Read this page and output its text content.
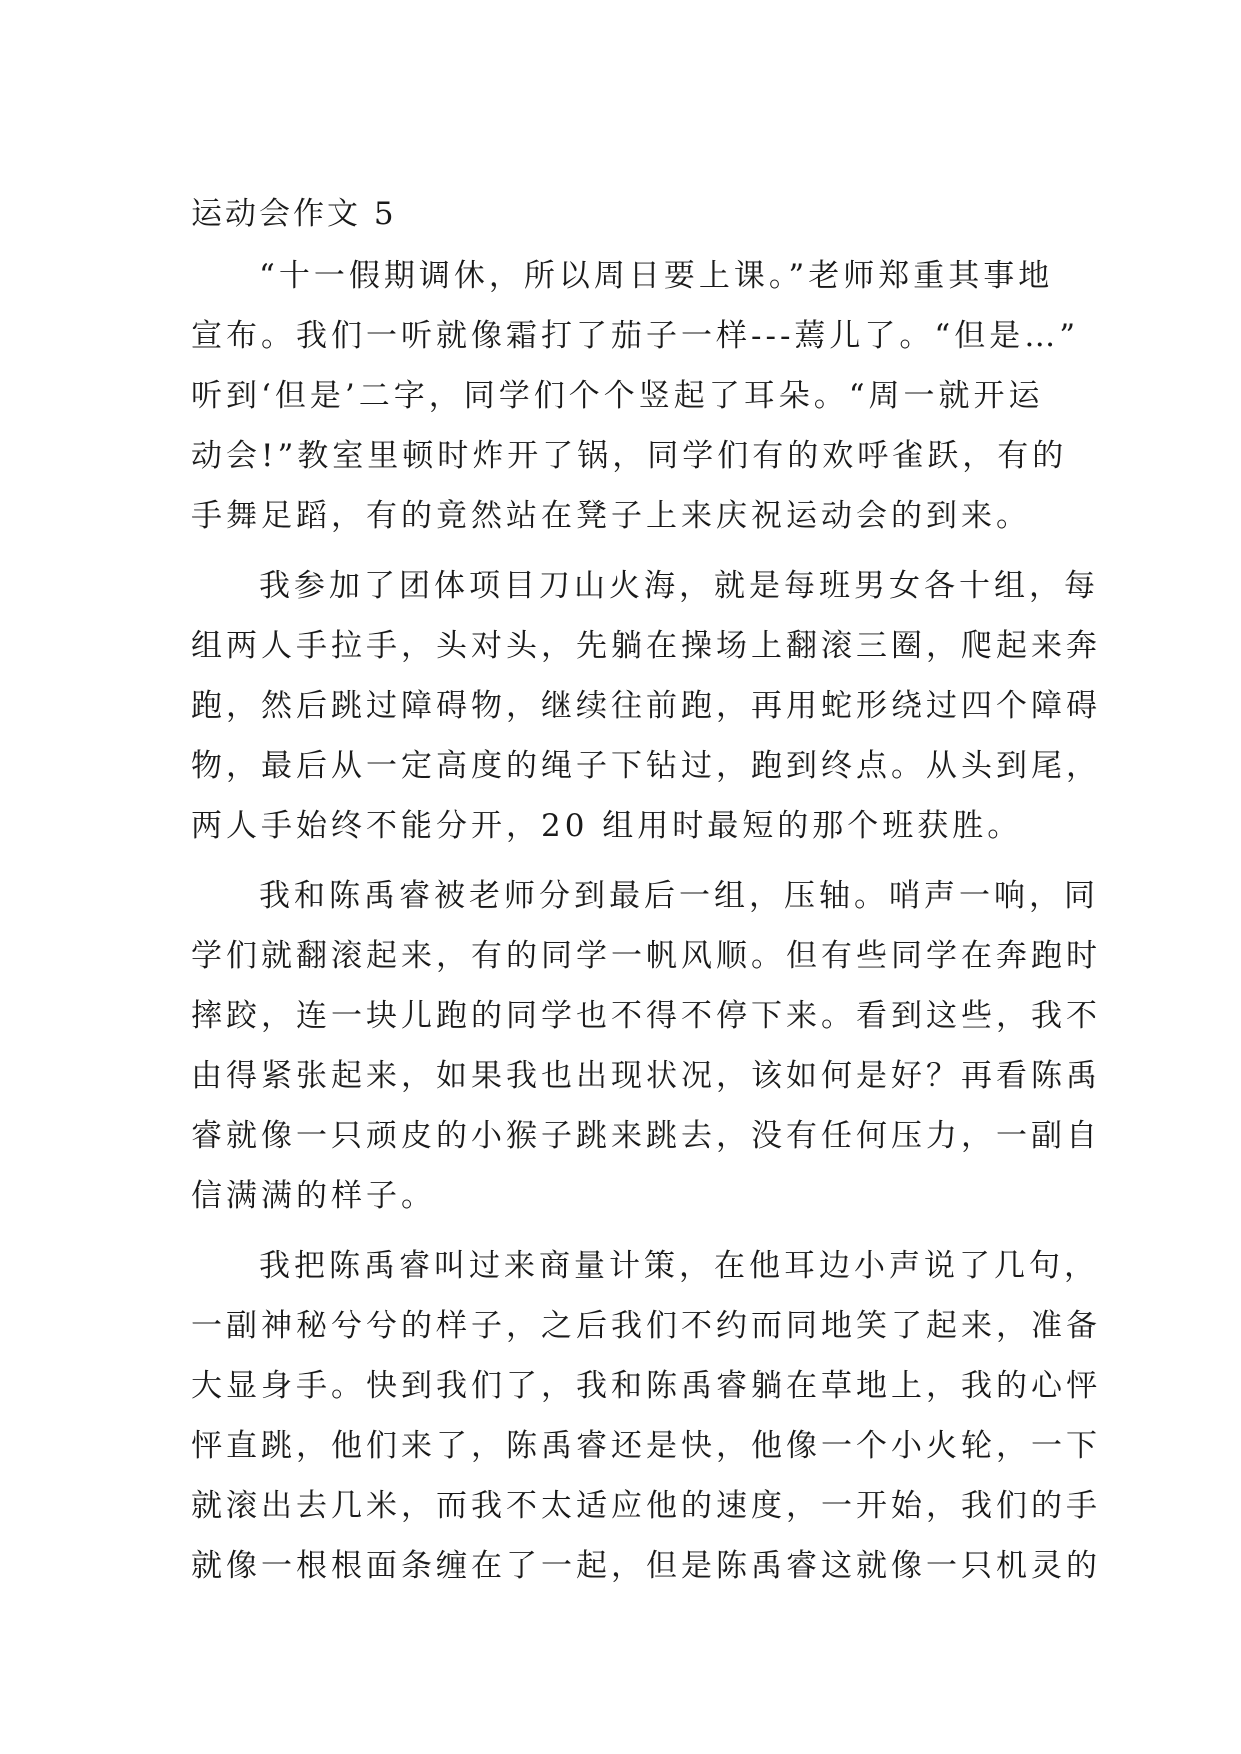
运动会作文 5
“十一假期调休，所以周日要上课。”老师郑重其事地
宣布。我们一听就像霜打了茄子一样---蔫儿了。“但是…”
听到‘但是’二字，同学们个个竖起了耳朵。“周一就开运
动会!”教室里顿时炸开了锅，同学们有的欢呼雀跃，有的
手舞足蹈，有的竟然站在凳子上来庆祝运动会的到来。
我参加了团体项目刀山火海，就是每班男女各十组，每
组两人手拉手，头对头，先躺在操场上翻滚三圈，爬起来奔
跑，然后跳过障碍物，继续往前跑，再用蛇形绕过四个障碍
物，最后从一定高度的绳子下钻过，跑到终点。从头到尾，
两人手始终不能分开，20 组用时最短的那个班获胜。
我和陈禹睿被老师分到最后一组，压轴。哨声一响，同
学们就翻滚起来，有的同学一帆风顺。但有些同学在奔跑时
摔跤，连一块儿跑的同学也不得不停下来。看到这些，我不
由得紧张起来，如果我也出现状况，该如何是好？再看陈禹
睿就像一只顽皮的小猴子跳来跳去，没有任何压力，一副自
信满满的样子。
我把陈禹睿叫过来商量计策，在他耳边小声说了几句，
一副神秘兮兮的样子，之后我们不约而同地笑了起来，准备
大显身手。快到我们了，我和陈禹睿躺在草地上，我的心怦
怦直跳，他们来了，陈禹睿还是快，他像一个小火轮，一下
就滚出去几米，而我不太适应他的速度，一开始，我们的手
就像一根根面条缠在了一起，但是陈禹睿这就像一只机灵的
